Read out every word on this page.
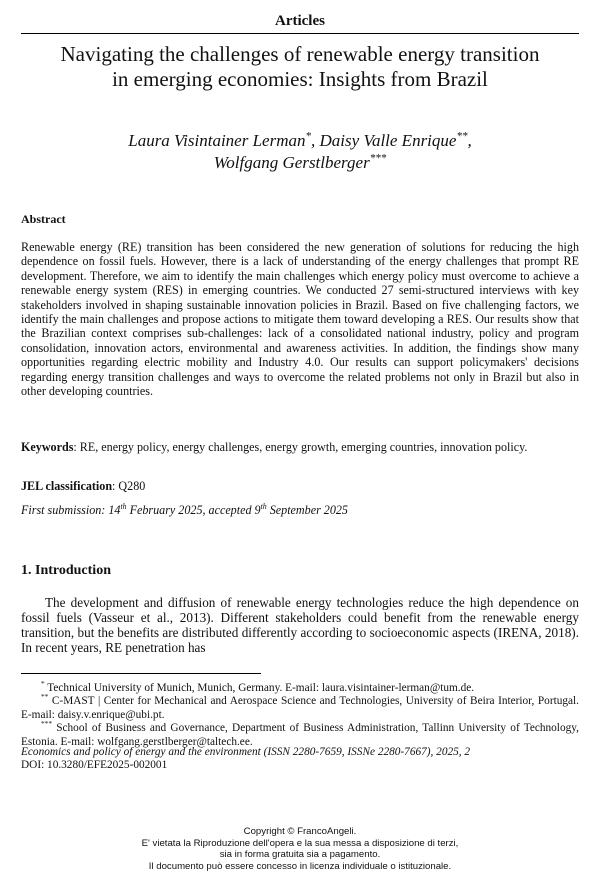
Articles
Navigating the challenges of renewable energy transition
in emerging economies: Insights from Brazil
Laura Visintainer Lerman*, Daisy Valle Enrique**,
Wolfgang Gerstlberger***
Abstract
Renewable energy (RE) transition has been considered the new generation of solutions for reducing the high dependence on fossil fuels. However, there is a lack of understanding of the energy challenges that prompt RE development. Therefore, we aim to identify the main challenges which energy policy must overcome to achieve a renewable energy system (RES) in emerging countries. We conducted 27 semi-structured interviews with key stakeholders involved in shaping sustainable innovation policies in Brazil. Based on five challenging factors, we identify the main challenges and propose actions to mitigate them toward developing a RES. Our results show that the Brazilian context comprises sub-challenges: lack of a consolidated national industry, policy and program consolidation, innovation actors, environmental and awareness activities. In addition, the findings show many opportunities regarding electric mobility and Industry 4.0. Our results can support policymakers' decisions regarding energy transition challenges and ways to overcome the related problems not only in Brazil but also in other developing countries.
Keywords: RE, energy policy, energy challenges, energy growth, emerging countries, innovation policy.
JEL classification: Q280
First submission: 14th February 2025, accepted 9th September 2025
1. Introduction
The development and diffusion of renewable energy technologies reduce the high dependence on fossil fuels (Vasseur et al., 2013). Different stakeholders could benefit from the renewable energy transition, but the benefits are distributed differently according to socioeconomic aspects (IRENA, 2018). In recent years, RE penetration has

* Technical University of Munich, Munich, Germany. E-mail: laura.visintainer-lerman@tum.de.

** C-MAST | Center for Mechanical and Aerospace Science and Technologies, University of Beira Interior, Portugal. E-mail: daisy.v.enrique@ubi.pt.

*** School of Business and Governance, Department of Business Administration, Tallinn University of Technology, Estonia. E-mail: wolfgang.gerstlberger@taltech.ee.

Economics and policy of energy and the environment (ISSN 2280-7659, ISSNe 2280-7667), 2025, 2
DOI: 10.3280/EFE2025-002001
Copyright © FrancoAngeli.
E' vietata la Riproduzione dell'opera e la sua messa a disposizione di terzi,
sia in forma gratuita sia a pagamento.
Il documento può essere concesso in licenza individuale o istituzionale.
